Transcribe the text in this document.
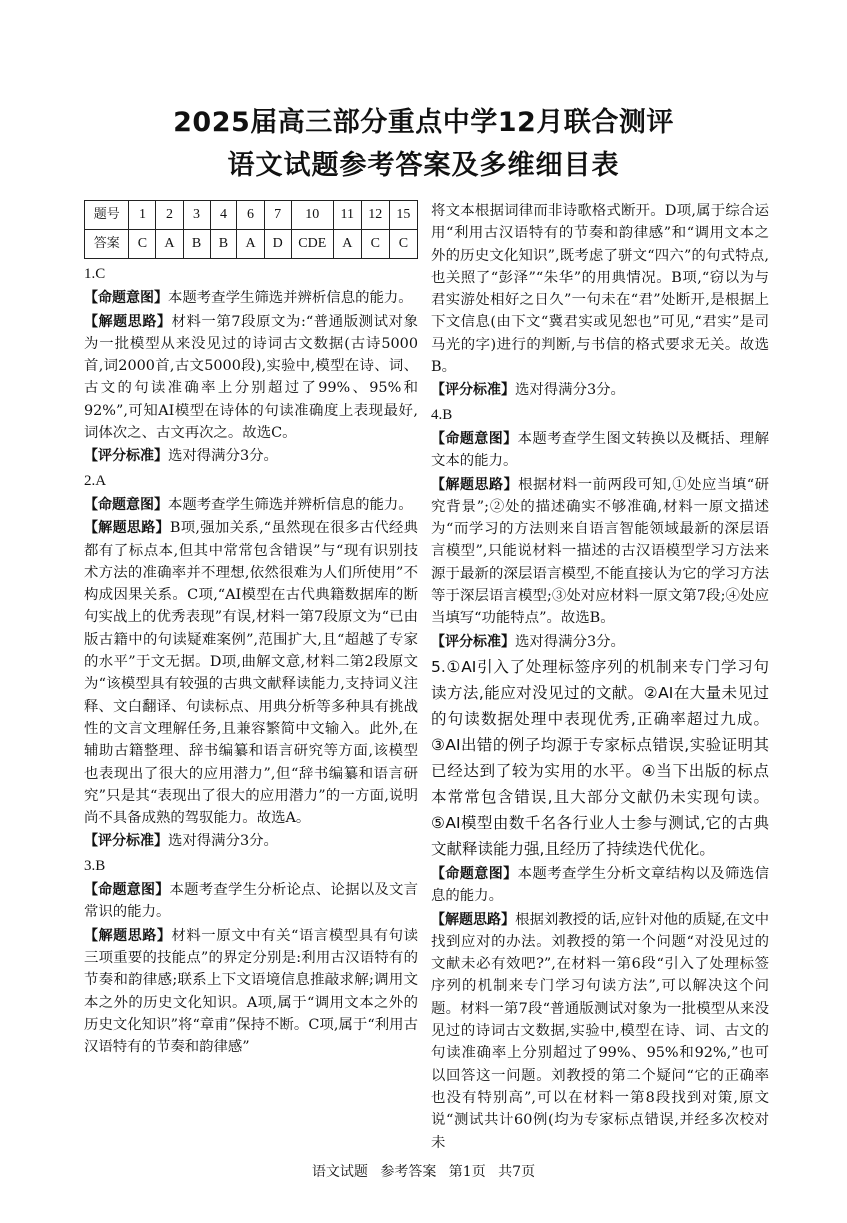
2025届高三部分重点中学12月联合测评
语文试题参考答案及多维细目表
题号	1	2	3	4	6	7	10	11	12	15
答案	C	A	B	B	A	D	CDE	A	C	C
1.C

【命题意图】本题考查学生筛选并辨析信息的能力。

【解题思路】材料一第7段原文为:“普通版测试对象为一批模型从来没见过的诗词古文数据(古诗5000首,词2000首,古文5000段),实验中,模型在诗、词、古文的句读准确率上分别超过了99%、95%和92%”,可知AI模型在诗体的句读准确度上表现最好,词体次之、古文再次之。故选C。

【评分标准】选对得满分3分。

2.A

【命题意图】本题考查学生筛选并辨析信息的能力。

【解题思路】B项,强加关系,“虽然现在很多古代经典都有了标点本,但其中常常包含错误”与“现有识别技术方法的准确率并不理想,依然很难为人们所使用”不构成因果关系。C项,“AI模型在古代典籍数据库的断句实战上的优秀表现”有误,材料一第7段原文为“已由版古籍中的句读疑难案例”,范围扩大,且“超越了专家的水平”于文无据。D项,曲解文意,材料二第2段原文为“该模型具有较强的古典文献释读能力,支持词义注释、文白翻译、句读标点、用典分析等多种具有挑战性的文言文理解任务,且兼容繁简中文输入。此外,在辅助古籍整理、辞书编纂和语言研究等方面,该模型也表现出了很大的应用潜力”,但“辞书编纂和语言研究”只是其“表现出了很大的应用潜力”的一方面,说明尚不具备成熟的驾驭能力。故选A。

【评分标准】选对得满分3分。

3.B

【命题意图】本题考查学生分析论点、论据以及文言常识的能力。

【解题思路】材料一原文中有关“语言模型具有句读三项重要的技能点”的界定分别是:利用古汉语特有的节奏和韵律感;联系上下文语境信息推敲求解;调用文本之外的历史文化知识。A项,属于“调用文本之外的历史文化知识”将“章甫”保持不断。C项,属于“利用古汉语特有的节奏和韵律感”

将文本根据词律而非诗歌格式断开。D项,属于综合运用“利用古汉语特有的节奏和韵律感”和“调用文本之外的历史文化知识”,既考虑了骈文“四六”的句式特点,也关照了“彭泽”“朱华”的用典情况。B项,“窃以为与君实游处相好之日久”一句未在“君”处断开,是根据上下文信息(由下文“冀君实或见恕也”可见,“君实”是司马光的字)进行的判断,与书信的格式要求无关。故选B。

【评分标准】选对得满分3分。

4.B

【命题意图】本题考查学生图文转换以及概括、理解文本的能力。

【解题思路】根据材料一前两段可知,①处应当填“研究背景”;②处的描述确实不够准确,材料一原文描述为“而学习的方法则来自语言智能领域最新的深层语言模型”,只能说材料一描述的古汉语模型学习方法来源于最新的深层语言模型,不能直接认为它的学习方法等于深层语言模型;③处对应材料一原文第7段;④处应当填写“功能特点”。故选B。

【评分标准】选对得满分3分。

5.①AI引入了处理标签序列的机制来专门学习句读方法,能应对没见过的文献。②AI在大量未见过的句读数据处理中表现优秀,正确率超过九成。③AI出错的例子均源于专家标点错误,实验证明其已经达到了较为实用的水平。④当下出版的标点本常常包含错误,且大部分文献仍未实现句读。⑤AI模型由数千名各行业人士参与测试,它的古典文献释读能力强,且经历了持续迭代优化。

【命题意图】本题考查学生分析文章结构以及筛选信息的能力。

【解题思路】根据刘教授的话,应针对他的质疑,在文中找到应对的办法。刘教授的第一个问题“对没见过的文献未必有效吧?”,在材料一第6段“引入了处理标签序列的机制来专门学习句读方法”,可以解决这个问题。材料一第7段“普通版测试对象为一批模型从来没见过的诗词古文数据,实验中,模型在诗、词、古文的句读准确率上分别超过了99%、95%和92%,”也可以回答这一问题。刘教授的第二个疑问“它的正确率也没有特别高”,可以在材料一第8段找到对策,原文说“测试共计60例(均为专家标点错误,并经多次校对未

语文试题 参考答案 第1页 共7页
